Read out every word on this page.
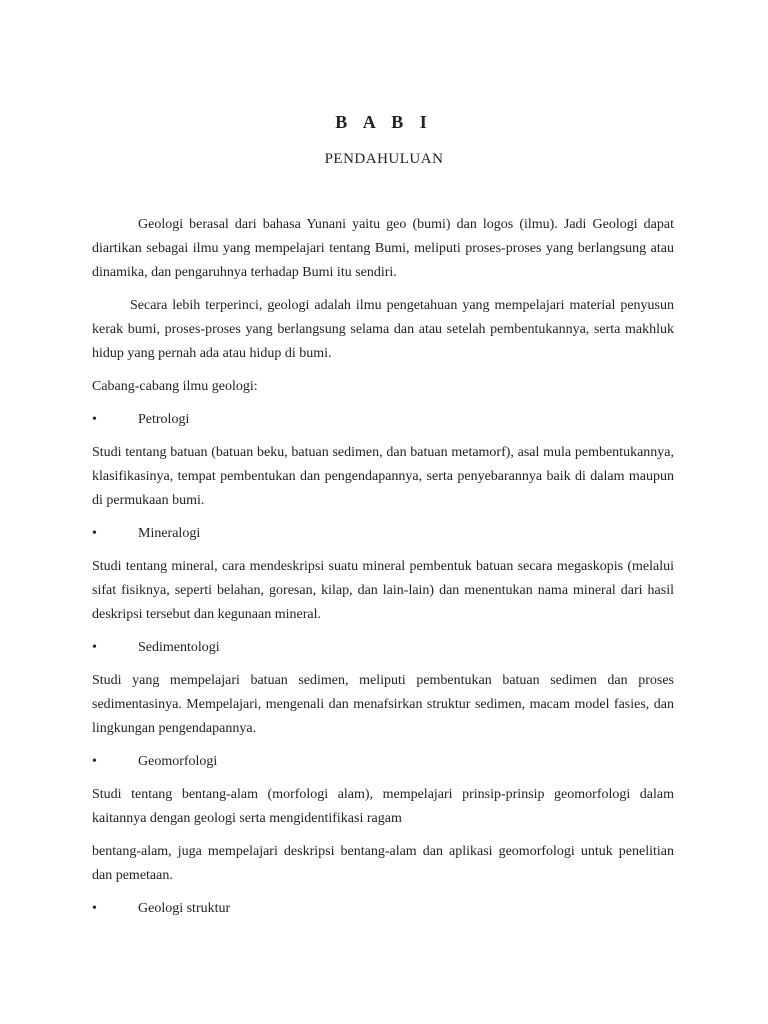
B A B I
PENDAHULUAN

Geologi berasal dari bahasa Yunani yaitu geo (bumi) dan logos (ilmu). Jadi Geologi dapat diartikan sebagai ilmu yang mempelajari tentang Bumi, meliputi proses-proses yang berlangsung atau dinamika, dan pengaruhnya terhadap Bumi itu sendiri.

Secara lebih terperinci, geologi adalah ilmu pengetahuan yang mempelajari material penyusun kerak bumi, proses-proses yang berlangsung selama dan atau setelah pembentukannya, serta makhluk hidup yang pernah ada atau hidup di bumi.

Cabang-cabang ilmu geologi:

•	Petrologi

Studi tentang batuan (batuan beku, batuan sedimen, dan batuan metamorf), asal mula pembentukannya, klasifikasinya, tempat pembentukan dan pengendapannya, serta penyebarannya baik di dalam maupun di permukaan bumi.

•	Mineralogi

Studi tentang mineral, cara mendeskripsi suatu mineral pembentuk batuan secara megaskopis (melalui sifat fisiknya, seperti belahan, goresan, kilap, dan lain-lain) dan menentukan nama mineral dari hasil deskripsi tersebut dan kegunaan mineral.

•	Sedimentologi

Studi yang mempelajari batuan sedimen, meliputi pembentukan batuan sedimen dan proses sedimentasinya. Mempelajari, mengenali dan menafsirkan struktur sedimen, macam model fasies, dan lingkungan pengendapannya.

•	Geomorfologi

Studi tentang bentang-alam (morfologi alam), mempelajari prinsip-prinsip geomorfologi dalam kaitannya dengan geologi serta mengidentifikasi ragam

bentang-alam, juga mempelajari deskripsi bentang-alam dan aplikasi geomorfologi untuk penelitian dan pemetaan.

•	Geologi struktur
